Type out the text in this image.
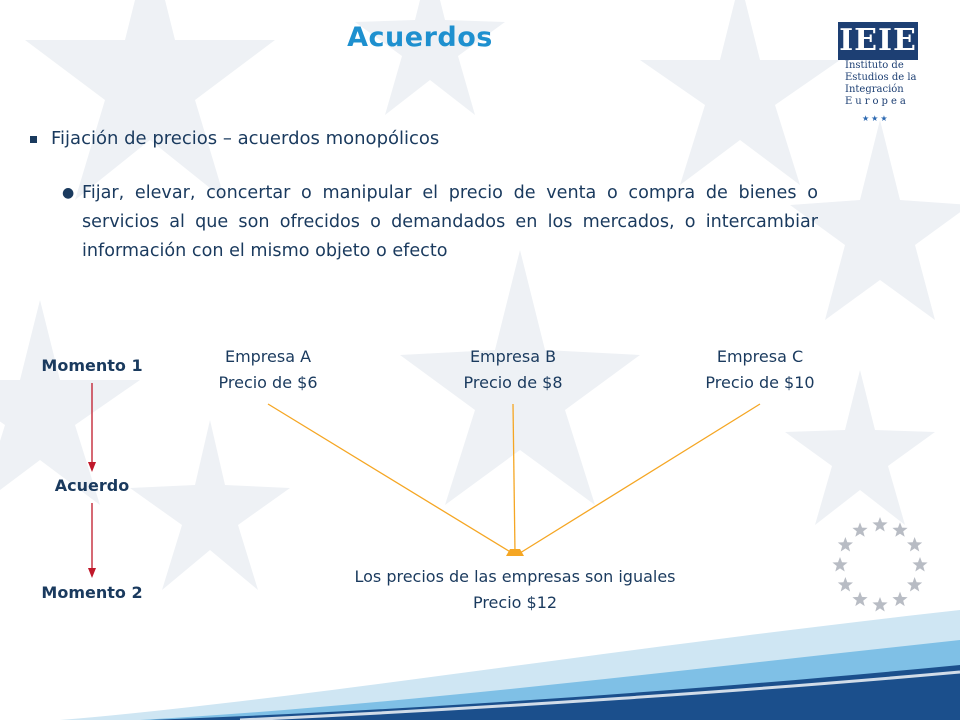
Acuerdos	IEIE
Instituto de
Estudios de la
Integración
Europea
★★★
Fijación de precios – acuerdos monopólicos
● Fijar, elevar, concertar o manipular el precio de venta o compra de bienes o servicios al que son ofrecidos o demandados en los mercados, o intercambiar información con el mismo objeto o efecto
Momento 1
Acuerdo
Momento 2
Empresa A
Precio de $6
Empresa B
Precio de $8
Empresa C
Precio de $10
Los precios de las empresas son iguales
Precio $12
